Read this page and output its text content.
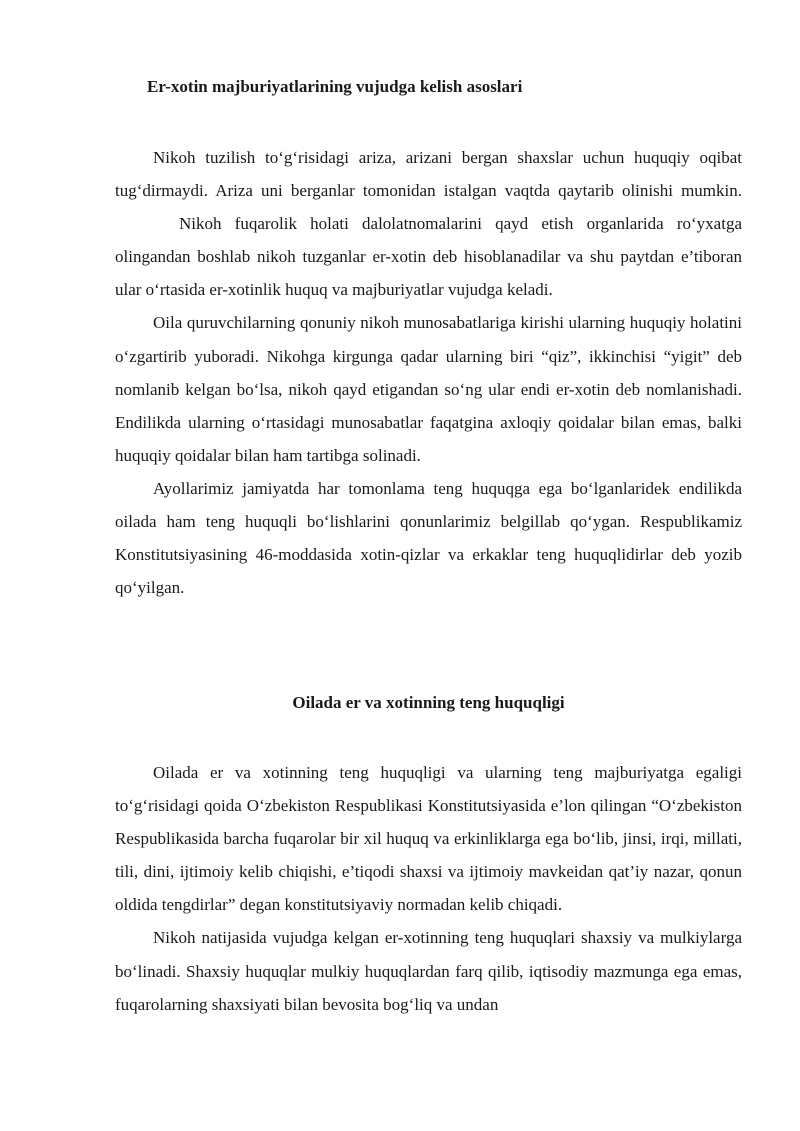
Er-xotin majburiyatlarining vujudga kelish asoslari

Nikoh tuzilish to‘g‘risidagi ariza, arizani bergan shaxslar uchun huquqiy oqibat tug‘dirmaydi. Ariza uni berganlar tomonidan istalgan vaqtda qaytarib olinishi mumkin.Nikoh fuqarolik holati dalolatnomalarini qayd etish organlarida ro‘yxatga olingandan boshlab nikoh tuzganlar er-xotin deb hisoblanadilar va shu paytdan e’tiboran ular o‘rtasida er-xotinlik huquq va majburiyatlar vujudga keladi.

Oila quruvchilarning qonuniy nikoh munosabatlariga kirishi ularning huquqiy holatini o‘zgartirib yuboradi. Nikohga kirgunga qadar ularning biri “qiz”, ikkinchisi “yigit” deb nomlanib kelgan bo‘lsa, nikoh qayd etigandan so‘ng ular endi er-xotin deb nomlanishadi. Endilikda ularning o‘rtasidagi munosabatlar faqatgina axloqiy qoidalar bilan emas, balki huquqiy qoidalar bilan ham tartibga solinadi.

Ayollarimiz jamiyatda har tomonlama teng huquqga ega bo‘lganlaridek endilikda oilada ham teng huquqli bo‘lishlarini qonunlarimiz belgillab qo‘ygan. Respublikamiz Konstitutsiyasining 46-moddasida xotin-qizlar va erkaklar teng huquqlidirlar deb yozib qo‘yilgan.

Oilada er va xotinning teng huquqligi

Oilada er va xotinning teng huquqligi va ularning teng majburiyatga egaligi to‘g‘risidagi qoida O‘zbekiston Respublikasi Konstitutsiyasida e’lon qilingan “O‘zbekiston Respublikasida barcha fuqarolar bir xil huquq va erkinliklarga ega bo‘lib, jinsi, irqi, millati, tili, dini, ijtimoiy kelib chiqishi, e’tiqodi shaxsi va ijtimoiy mavkeidan qat’iy nazar, qonun oldida tengdirlar” degan konstitutsiyaviy normadan kelib chiqadi.

Nikoh natijasida vujudga kelgan er-xotinning teng huquqlari shaxsiy va mulkiylarga bo‘linadi. Shaxsiy huquqlar mulkiy huquqlardan farq qilib, iqtisodiy mazmunga ega emas, fuqarolarning shaxsiyati bilan bevosita bog‘liq va undan
